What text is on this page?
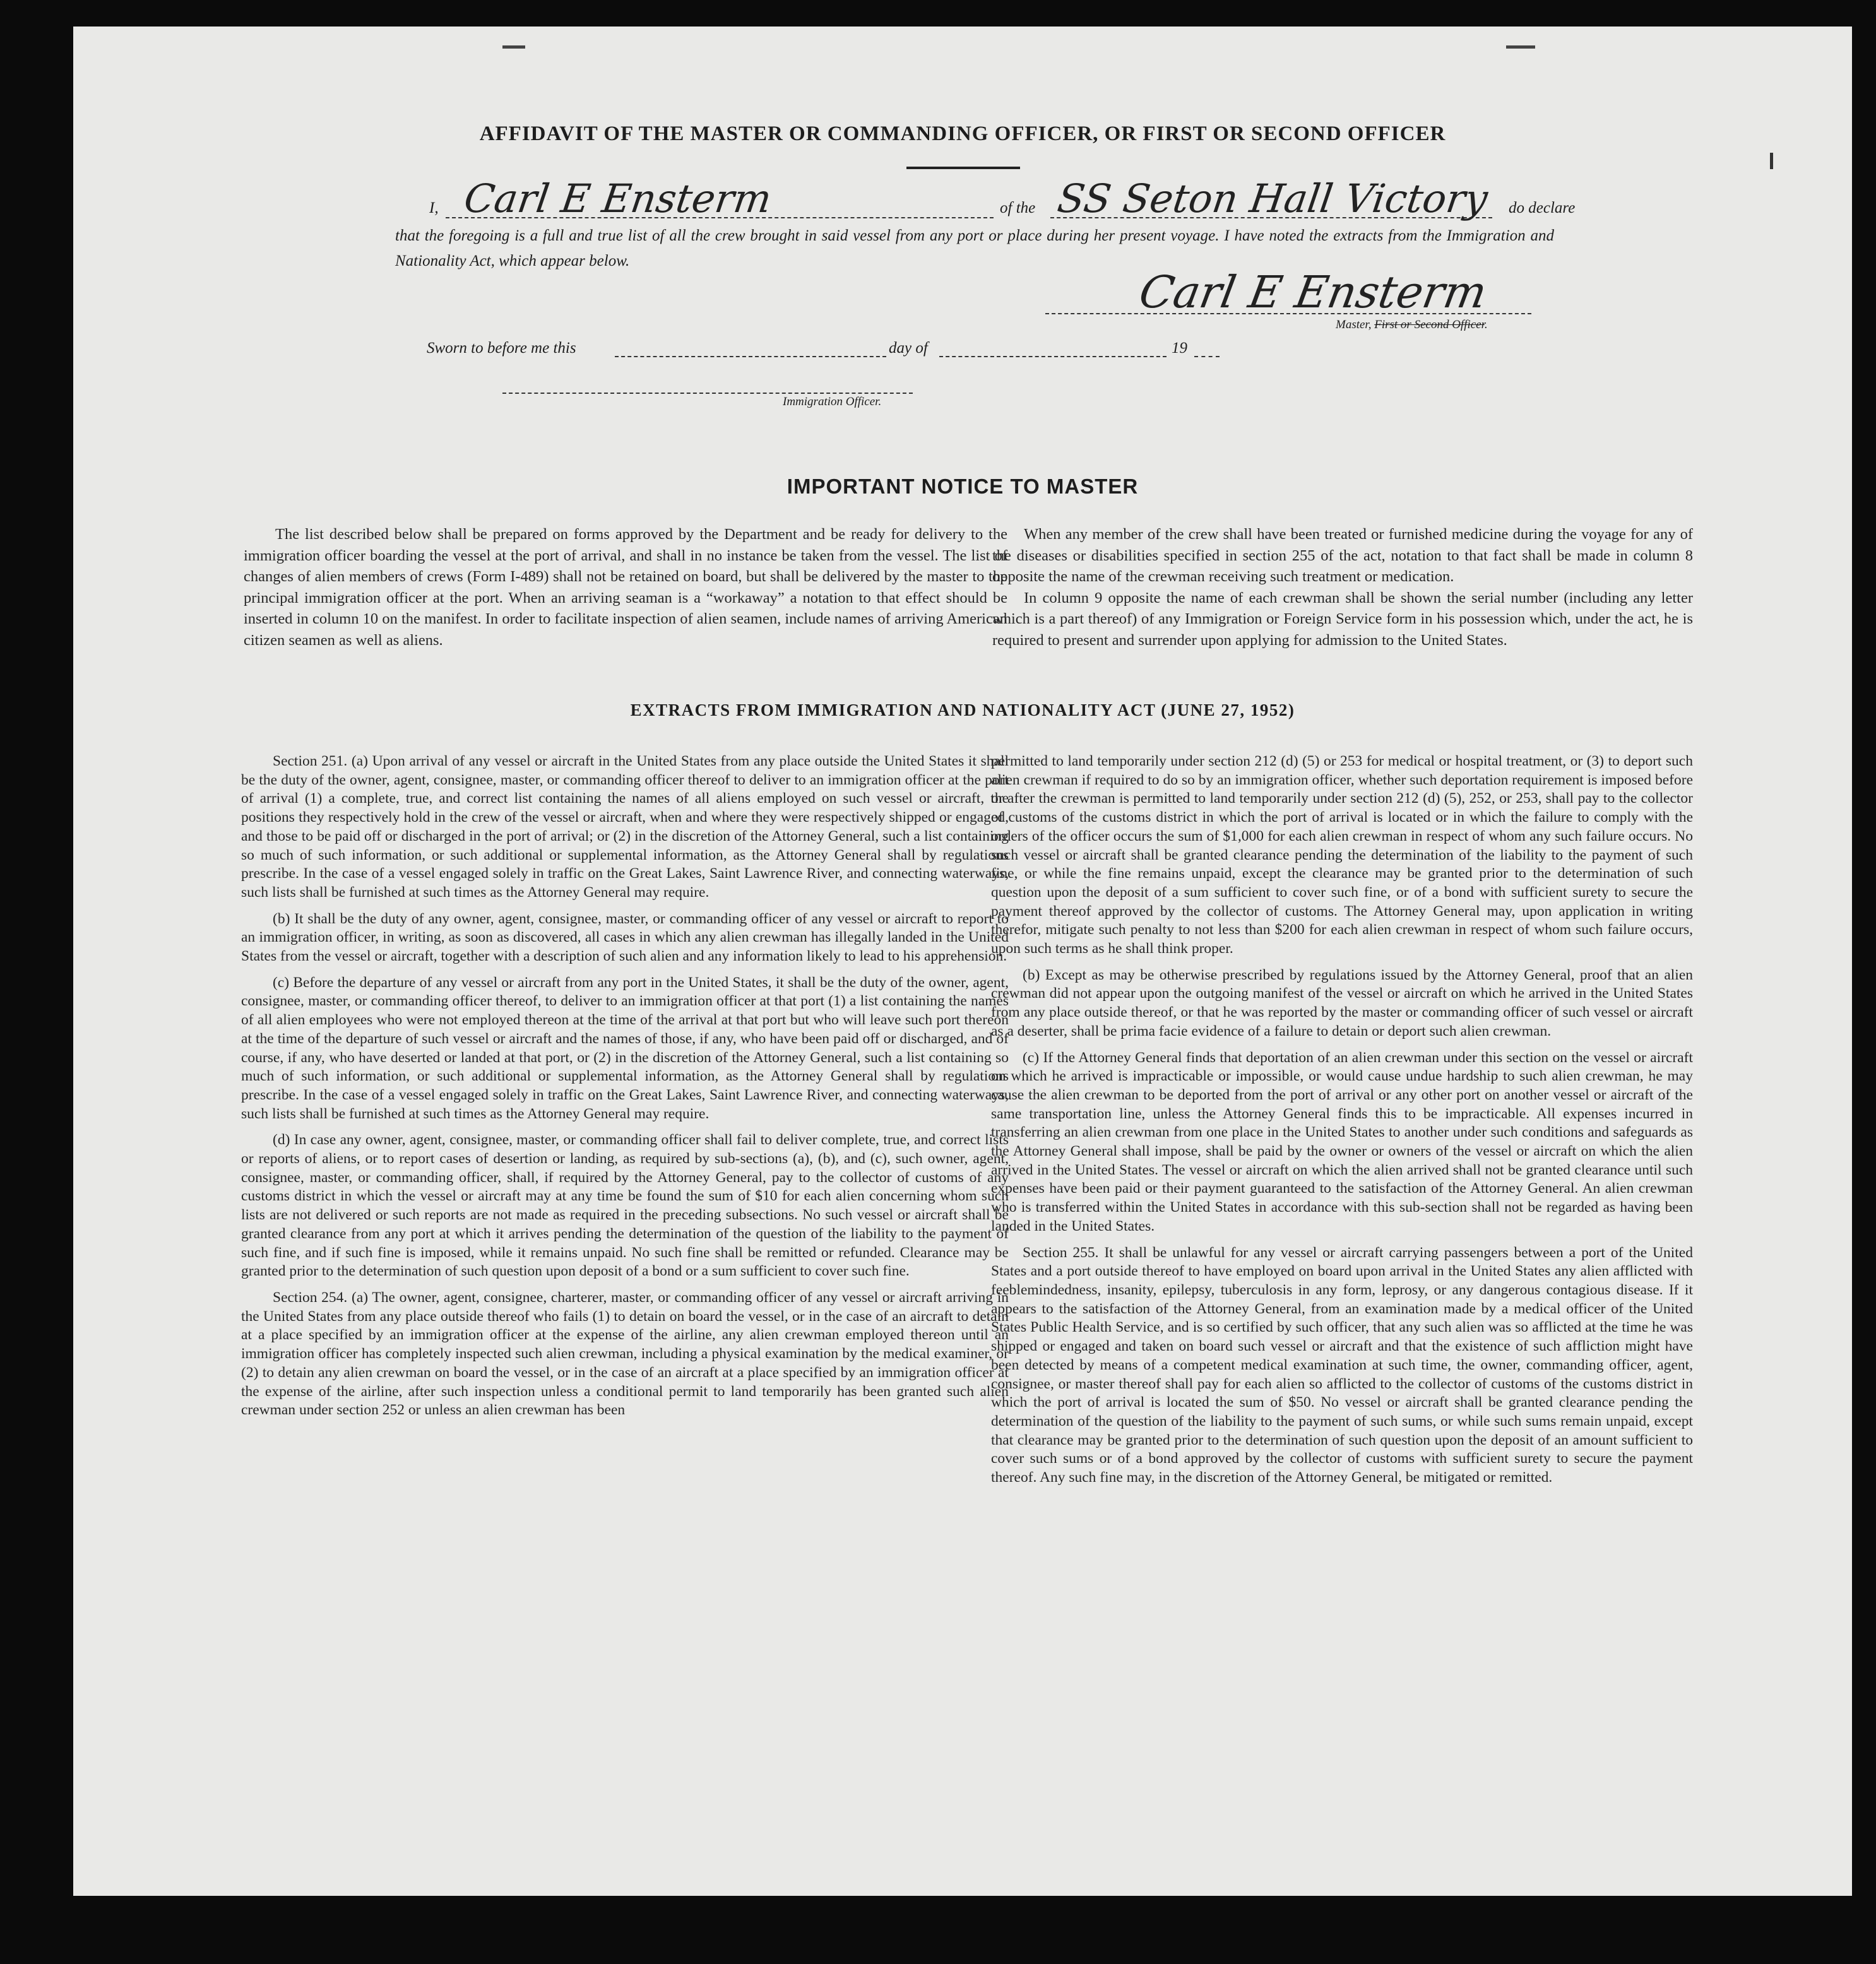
AFFIDAVIT OF THE MASTER OR COMMANDING OFFICER, OR FIRST OR SECOND OFFICER
I, Carl E Ensterm	of the SS Seton Hall Victory do declare
that the foregoing is a full and true list of all the crew brought in said vessel from any port or place during her present voyage. I have noted the extracts from the Immigration and Nationality Act, which appear below.
Carl E Ensterm
Master, First or Second Officer.
Sworn to before me this	day of	19
Immigration Officer.
IMPORTANT NOTICE TO MASTER

The list described below shall be prepared on forms approved by the Department and be ready for delivery to the immigration officer boarding the vessel at the port of arrival, and shall in no instance be taken from the vessel. The list of changes of alien members of crews (Form I-489) shall not be retained on board, but shall be delivered by the master to the principal immigration officer at the port. When an arriving seaman is a “workaway” a notation to that effect should be inserted in column 10 on the manifest. In order to facilitate inspection of alien seamen, include names of arriving American citizen seamen as well as aliens.

When any member of the crew shall have been treated or furnished medicine during the voyage for any of the diseases or disabilities specified in section 255 of the act, notation to that fact shall be made in column 8 opposite the name of the crewman receiving such treatment or medication.

In column 9 opposite the name of each crewman shall be shown the serial number (including any letter which is a part thereof) of any Immigration or Foreign Service form in his possession which, under the act, he is required to present and surrender upon applying for admission to the United States.

EXTRACTS FROM IMMIGRATION AND NATIONALITY ACT (JUNE 27, 1952)

Section 251. (a) Upon arrival of any vessel or aircraft in the United States from any place outside the United States it shall be the duty of the owner, agent, consignee, master, or commanding officer thereof to deliver to an immigration officer at the port of arrival (1) a complete, true, and correct list containing the names of all aliens employed on such vessel or aircraft, the positions they respectively hold in the crew of the vessel or aircraft, when and where they were respectively shipped or engaged, and those to be paid off or discharged in the port of arrival; or (2) in the discretion of the Attorney General, such a list containing so much of such information, or such additional or supplemental information, as the Attorney General shall by regulations prescribe. In the case of a vessel engaged solely in traffic on the Great Lakes, Saint Lawrence River, and connecting waterways, such lists shall be furnished at such times as the Attorney General may require.

(b) It shall be the duty of any owner, agent, consignee, master, or commanding officer of any vessel or aircraft to report to an immigration officer, in writing, as soon as discovered, all cases in which any alien crewman has illegally landed in the United States from the vessel or aircraft, together with a description of such alien and any information likely to lead to his apprehension.

(c) Before the departure of any vessel or aircraft from any port in the United States, it shall be the duty of the owner, agent, consignee, master, or commanding officer thereof, to deliver to an immigration officer at that port (1) a list containing the names of all alien employees who were not employed thereon at the time of the arrival at that port but who will leave such port thereon at the time of the departure of such vessel or aircraft and the names of those, if any, who have been paid off or discharged, and of course, if any, who have deserted or landed at that port, or (2) in the discretion of the Attorney General, such a list containing so much of such information, or such additional or supplemental information, as the Attorney General shall by regulations prescribe. In the case of a vessel engaged solely in traffic on the Great Lakes, Saint Lawrence River, and connecting waterways, such lists shall be furnished at such times as the Attorney General may require.

(d) In case any owner, agent, consignee, master, or commanding officer shall fail to deliver complete, true, and correct lists or reports of aliens, or to report cases of desertion or landing, as required by sub-sections (a), (b), and (c), such owner, agent, consignee, master, or commanding officer, shall, if required by the Attorney General, pay to the collector of customs of any customs district in which the vessel or aircraft may at any time be found the sum of $10 for each alien concerning whom such lists are not delivered or such reports are not made as required in the preceding subsections. No such vessel or aircraft shall be granted clearance from any port at which it arrives pending the determination of the question of the liability to the payment of such fine, and if such fine is imposed, while it remains unpaid. No such fine shall be remitted or refunded. Clearance may be granted prior to the determination of such question upon deposit of a bond or a sum sufficient to cover such fine.

Section 254. (a) The owner, agent, consignee, charterer, master, or commanding officer of any vessel or aircraft arriving in the United States from any place outside thereof who fails (1) to detain on board the vessel, or in the case of an aircraft to detain at a place specified by an immigration officer at the expense of the airline, any alien crewman employed thereon until an immigration officer has completely inspected such alien crewman, including a physical examination by the medical examiner, or (2) to detain any alien crewman on board the vessel, or in the case of an aircraft at a place specified by an immigration officer at the expense of the airline, after such inspection unless a conditional permit to land temporarily has been granted such alien crewman under section 252 or unless an alien crewman has been

permitted to land temporarily under section 212 (d) (5) or 253 for medical or hospital treatment, or (3) to deport such alien crewman if required to do so by an immigration officer, whether such deportation requirement is imposed before or after the crewman is permitted to land temporarily under section 212 (d) (5), 252, or 253, shall pay to the collector of customs of the customs district in which the port of arrival is located or in which the failure to comply with the orders of the officer occurs the sum of $1,000 for each alien crewman in respect of whom any such failure occurs. No such vessel or aircraft shall be granted clearance pending the determination of the liability to the payment of such fine, or while the fine remains unpaid, except the clearance may be granted prior to the determination of such question upon the deposit of a sum sufficient to cover such fine, or of a bond with sufficient surety to secure the payment thereof approved by the collector of customs. The Attorney General may, upon application in writing therefor, mitigate such penalty to not less than $200 for each alien crewman in respect of whom such failure occurs, upon such terms as he shall think proper.

(b) Except as may be otherwise prescribed by regulations issued by the Attorney General, proof that an alien crewman did not appear upon the outgoing manifest of the vessel or aircraft on which he arrived in the United States from any place outside thereof, or that he was reported by the master or commanding officer of such vessel or aircraft as a deserter, shall be prima facie evidence of a failure to detain or deport such alien crewman.

(c) If the Attorney General finds that deportation of an alien crewman under this section on the vessel or aircraft on which he arrived is impracticable or impossible, or would cause undue hardship to such alien crewman, he may cause the alien crewman to be deported from the port of arrival or any other port on another vessel or aircraft of the same transportation line, unless the Attorney General finds this to be impracticable. All expenses incurred in transferring an alien crewman from one place in the United States to another under such conditions and safeguards as the Attorney General shall impose, shall be paid by the owner or owners of the vessel or aircraft on which the alien arrived in the United States. The vessel or aircraft on which the alien arrived shall not be granted clearance until such expenses have been paid or their payment guaranteed to the satisfaction of the Attorney General. An alien crewman who is transferred within the United States in accordance with this sub-section shall not be regarded as having been landed in the United States.

Section 255. It shall be unlawful for any vessel or aircraft carrying passengers between a port of the United States and a port outside thereof to have employed on board upon arrival in the United States any alien afflicted with feeblemindedness, insanity, epilepsy, tuberculosis in any form, leprosy, or any dangerous contagious disease. If it appears to the satisfaction of the Attorney General, from an examination made by a medical officer of the United States Public Health Service, and is so certified by such officer, that any such alien was so afflicted at the time he was shipped or engaged and taken on board such vessel or aircraft and that the existence of such affliction might have been detected by means of a competent medical examination at such time, the owner, commanding officer, agent, consignee, or master thereof shall pay for each alien so afflicted to the collector of customs of the customs district in which the port of arrival is located the sum of $50. No vessel or aircraft shall be granted clearance pending the determination of the question of the liability to the payment of such sums, or while such sums remain unpaid, except that clearance may be granted prior to the determination of such question upon the deposit of an amount sufficient to cover such sums or of a bond approved by the collector of customs with sufficient surety to secure the payment thereof. Any such fine may, in the discretion of the Attorney General, be mitigated or remitted.
